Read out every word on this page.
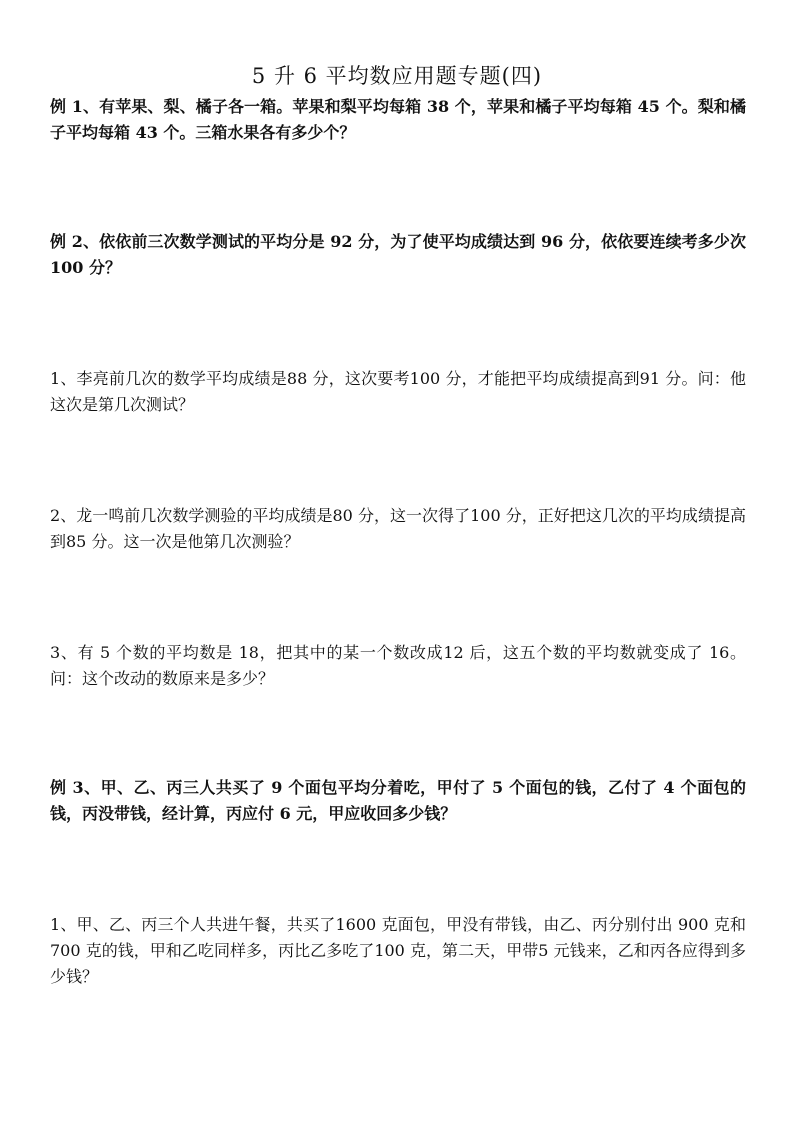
5 升 6 平均数应用题专题(四)

例 1、有苹果、梨、橘子各一箱。苹果和梨平均每箱 38 个，苹果和橘子平均每箱 45 个。梨和橘子平均每箱 43 个。三箱水果各有多少个？

例 2、依依前三次数学测试的平均分是 92 分，为了使平均成绩达到 96 分，依依要连续考多少次 100 分？

1、李亮前几次的数学平均成绩是88 分，这次要考100 分，才能把平均成绩提高到91 分。问：他这次是第几次测试？

2、龙一鸣前几次数学测验的平均成绩是80 分，这一次得了100 分，正好把这几次的平均成绩提高到85 分。这一次是他第几次测验？

3、有 5 个数的平均数是 18，把其中的某一个数改成12 后，这五个数的平均数就变成了 16。问：这个改动的数原来是多少？

例 3、甲、乙、丙三人共买了 9 个面包平均分着吃，甲付了 5 个面包的钱，乙付了 4 个面包的钱，丙没带钱，经计算，丙应付 6 元，甲应收回多少钱？

1、甲、乙、丙三个人共进午餐，共买了1600 克面包，甲没有带钱，由乙、丙分别付出 900 克和 700 克的钱，甲和乙吃同样多，丙比乙多吃了100 克，第二天，甲带5 元钱来，乙和丙各应得到多少钱？
